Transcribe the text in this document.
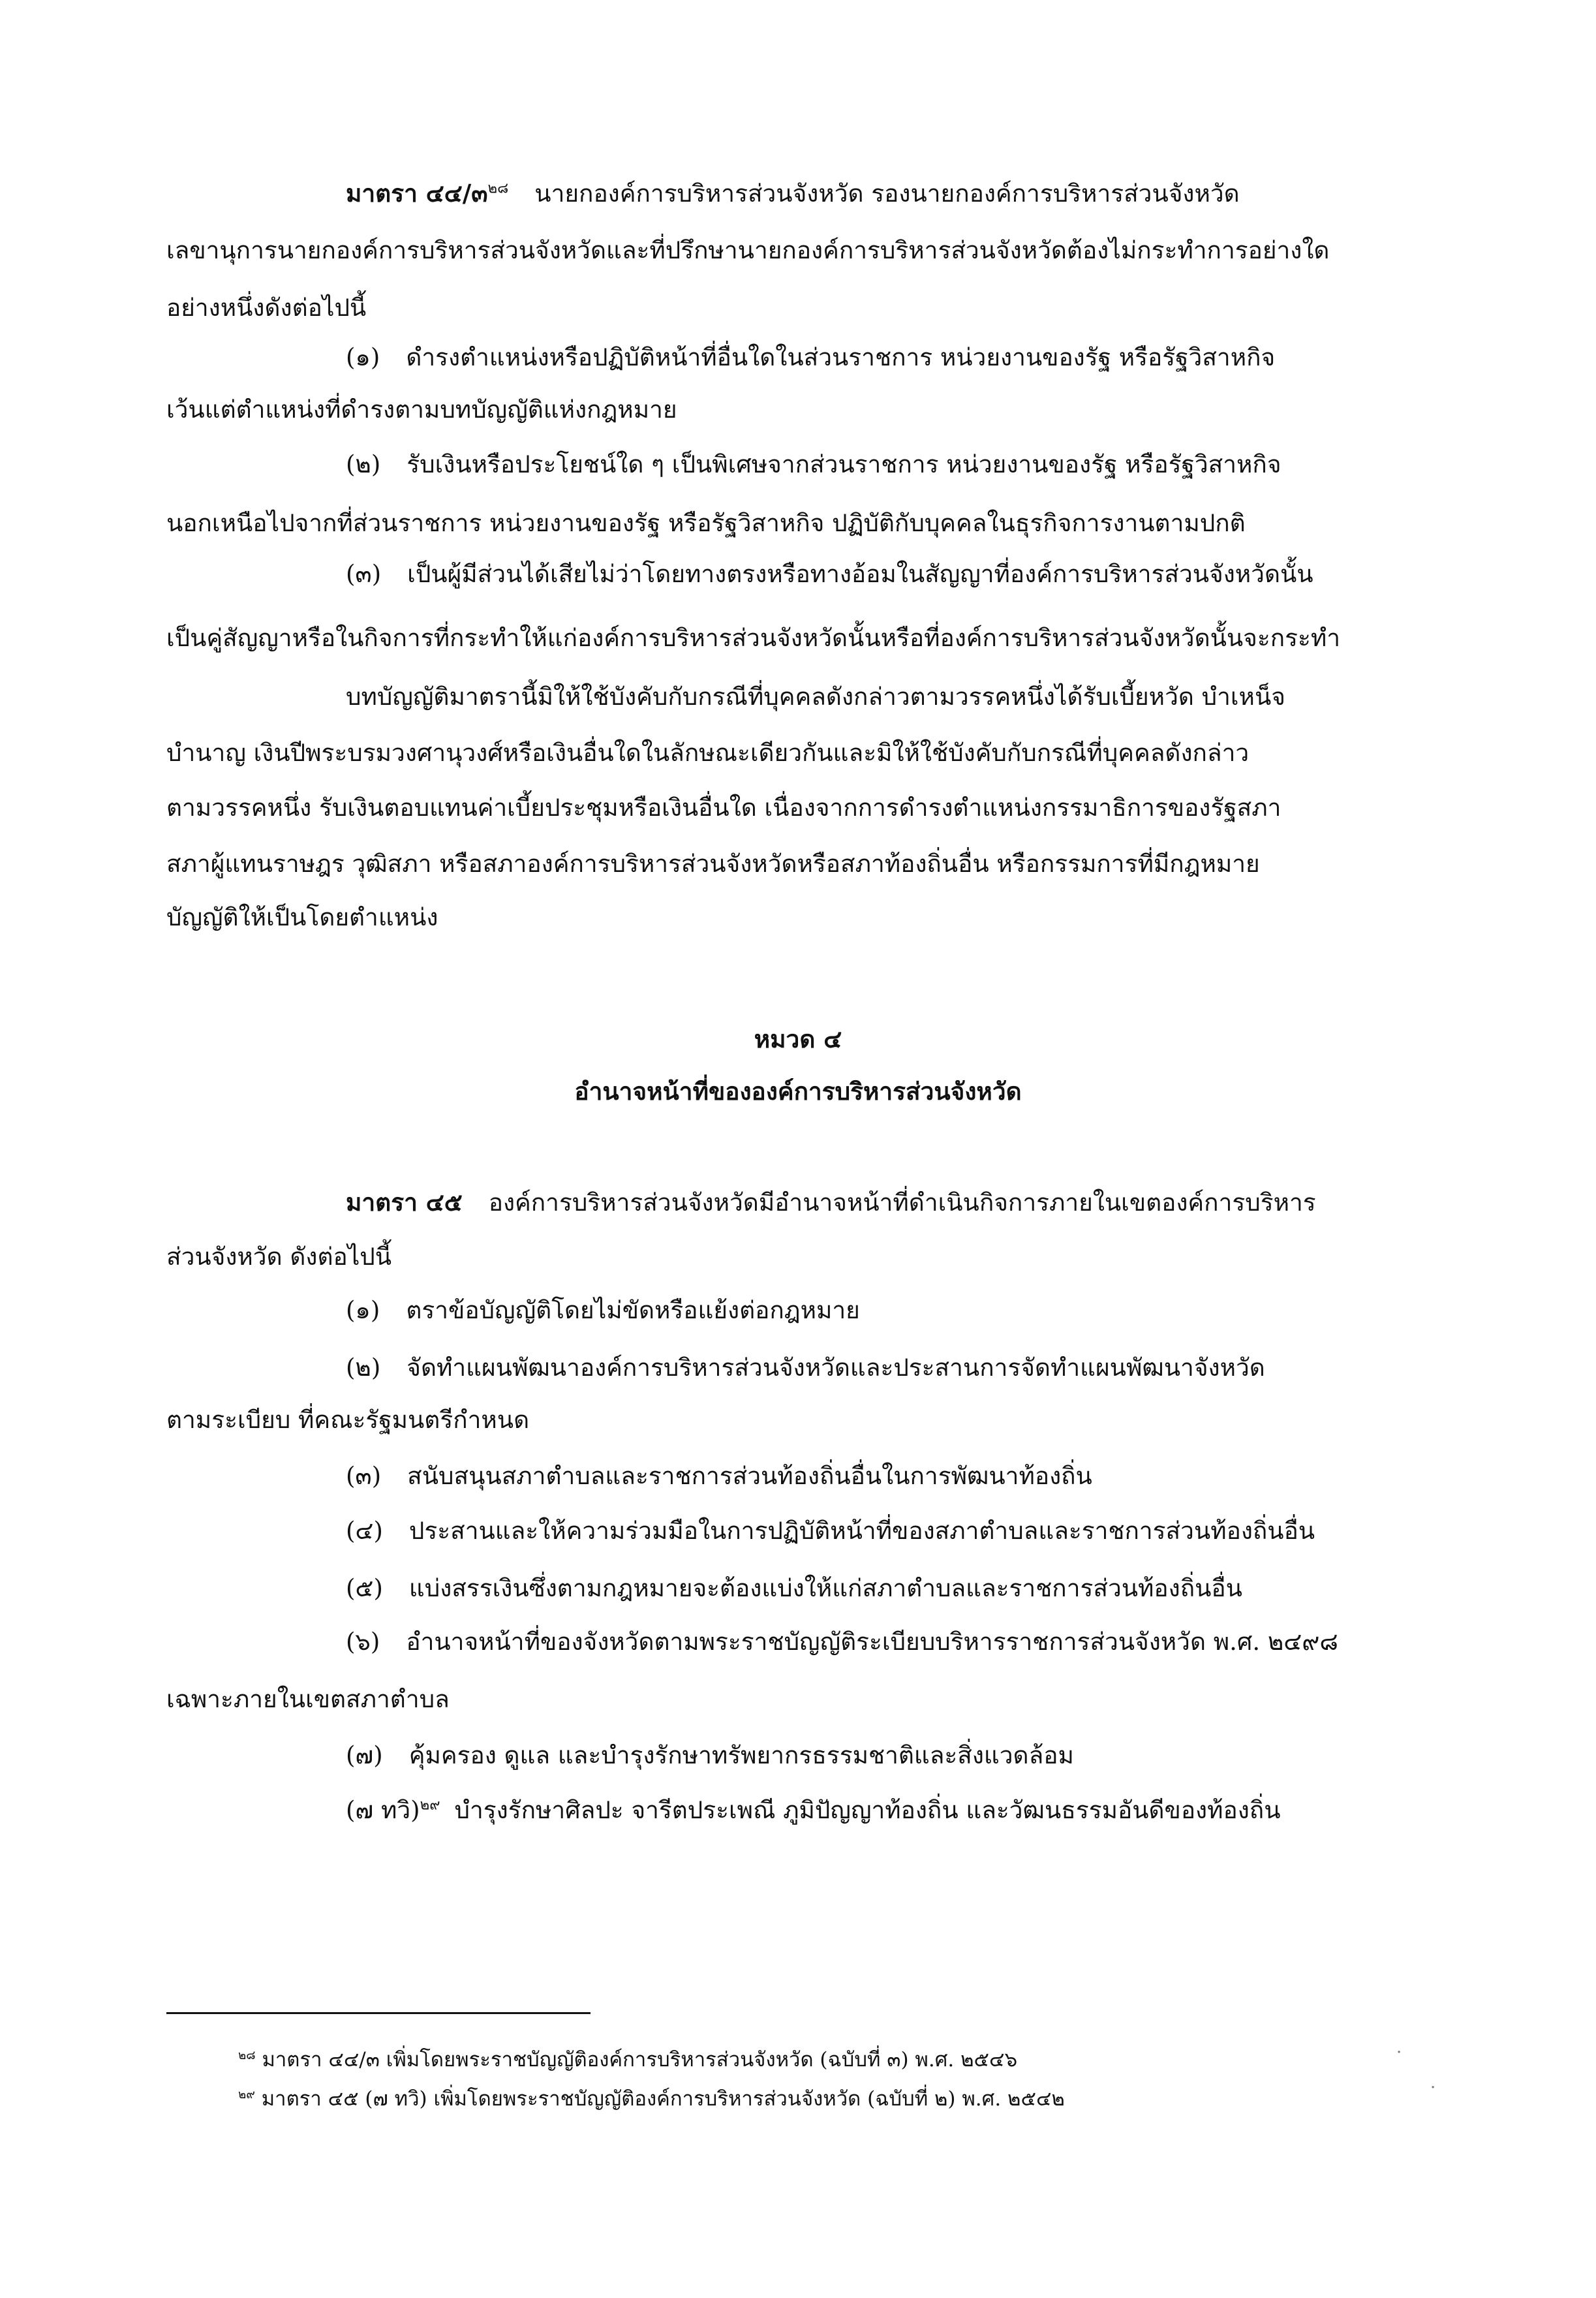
มาตรา ๔๔/๓$^{๒๘}$ นายกองค์การบริหารส่วนจังหวัด รองนายกองค์การบริหารส่วนจังหวัด
เลขานุการนายกองค์การบริหารส่วนจังหวัดและที่ปรึกษานายกองค์การบริหารส่วนจังหวัดต้องไม่กระทำการอย่างใด
อย่างหนึ่งดังต่อไปนี้
(๑) ดำรงตำแหน่งหรือปฏิบัติหน้าที่อื่นใดในส่วนราชการ หน่วยงานของรัฐ หรือรัฐวิสาหกิจ
เว้นแต่ตำแหน่งที่ดำรงตามบทบัญญัติแห่งกฎหมาย
(๒) รับเงินหรือประโยชน์ใด ๆ เป็นพิเศษจากส่วนราชการ หน่วยงานของรัฐ หรือรัฐวิสาหกิจ
นอกเหนือไปจากที่ส่วนราชการ หน่วยงานของรัฐ หรือรัฐวิสาหกิจ ปฏิบัติกับบุคคลในธุรกิจการงานตามปกติ
(๓) เป็นผู้มีส่วนได้เสียไม่ว่าโดยทางตรงหรือทางอ้อมในสัญญาที่องค์การบริหารส่วนจังหวัดนั้น
เป็นคู่สัญญาหรือในกิจการที่กระทำให้แก่องค์การบริหารส่วนจังหวัดนั้นหรือที่องค์การบริหารส่วนจังหวัดนั้นจะกระทำ
บทบัญญัติมาตรานี้มิให้ใช้บังคับกับกรณีที่บุคคลดังกล่าวตามวรรคหนึ่งได้รับเบี้ยหวัด บำเหน็จ
บำนาญ เงินปีพระบรมวงศานุวงศ์หรือเงินอื่นใดในลักษณะเดียวกันและมิให้ใช้บังคับกับกรณีที่บุคคลดังกล่าว
ตามวรรคหนึ่ง รับเงินตอบแทนค่าเบี้ยประชุมหรือเงินอื่นใด เนื่องจากการดำรงตำแหน่งกรรมาธิการของรัฐสภา
สภาผู้แทนราษฎร วุฒิสภา หรือสภาองค์การบริหารส่วนจังหวัดหรือสภาท้องถิ่นอื่น หรือกรรมการที่มีกฎหมาย
บัญญัติให้เป็นโดยตำแหน่ง
หมวด ๔
อำนาจหน้าที่ขององค์การบริหารส่วนจังหวัด
มาตรา ๔๕ องค์การบริหารส่วนจังหวัดมีอำนาจหน้าที่ดำเนินกิจการภายในเขตองค์การบริหาร
ส่วนจังหวัด ดังต่อไปนี้
(๑) ตราข้อบัญญัติโดยไม่ขัดหรือแย้งต่อกฎหมาย
(๒) จัดทำแผนพัฒนาองค์การบริหารส่วนจังหวัดและประสานการจัดทำแผนพัฒนาจังหวัด
ตามระเบียบ ที่คณะรัฐมนตรีกำหนด
(๓) สนับสนุนสภาตำบลและราชการส่วนท้องถิ่นอื่นในการพัฒนาท้องถิ่น
(๔) ประสานและให้ความร่วมมือในการปฏิบัติหน้าที่ของสภาตำบลและราชการส่วนท้องถิ่นอื่น
(๕) แบ่งสรรเงินซึ่งตามกฎหมายจะต้องแบ่งให้แก่สภาตำบลและราชการส่วนท้องถิ่นอื่น
(๖) อำนาจหน้าที่ของจังหวัดตามพระราชบัญญัติระเบียบบริหารราชการส่วนจังหวัด พ.ศ. ๒๔๙๘
เฉพาะภายในเขตสภาตำบล
(๗) คุ้มครอง ดูแล และบำรุงรักษาทรัพยากรธรรมชาติและสิ่งแวดล้อม
(๗ ทวิ)$^{๒๙}$ บำรุงรักษาศิลปะ จารีตประเพณี ภูมิปัญญาท้องถิ่น และวัฒนธรรมอันดีของท้องถิ่น
$^{๒๘}$ มาตรา ๔๔/๓ เพิ่มโดยพระราชบัญญัติองค์การบริหารส่วนจังหวัด (ฉบับที่ ๓) พ.ศ. ๒๕๔๖
$^{๒๙}$ มาตรา ๔๕ (๗ ทวิ) เพิ่มโดยพระราชบัญญัติองค์การบริหารส่วนจังหวัด (ฉบับที่ ๒) พ.ศ. ๒๕๔๒
·
·
